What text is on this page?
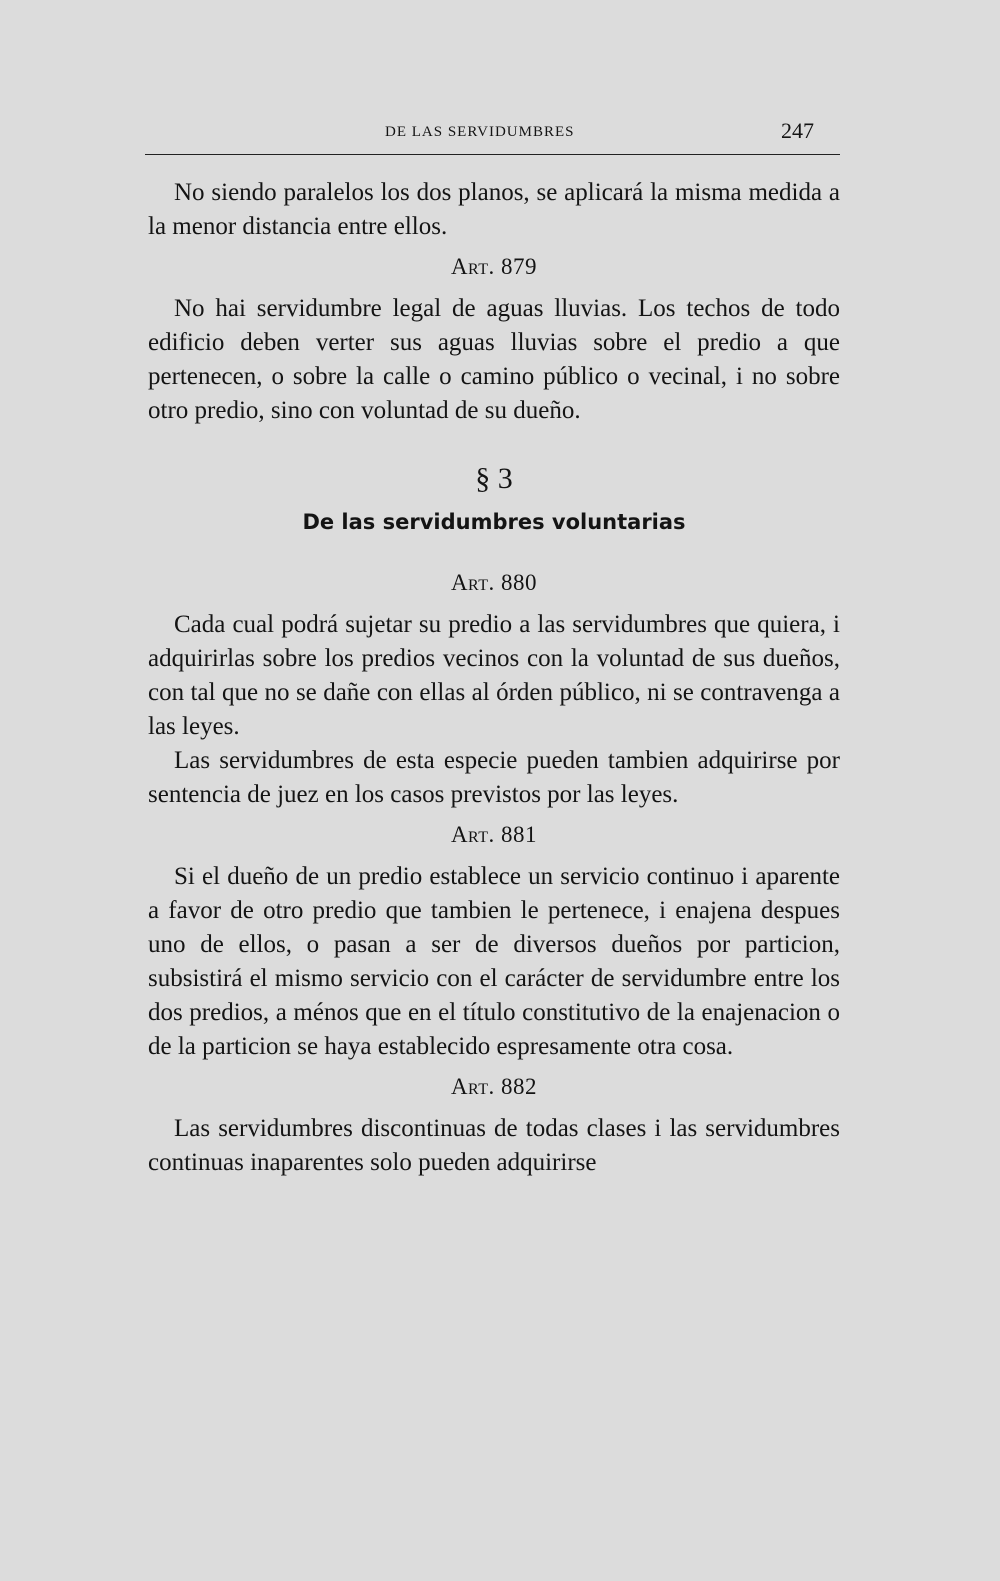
DE LAS SERVIDUMBRES	247

No siendo paralelos los dos planos, se aplicará la misma medida a la menor distancia entre ellos.

Art. 879

No hai servidumbre legal de aguas lluvias. Los techos de todo edificio deben verter sus aguas lluvias sobre el predio a que pertenecen, o sobre la calle o camino público o vecinal, i no sobre otro predio, sino con voluntad de su dueño.

§ 3
De las servidumbres voluntarias
Art. 880

Cada cual podrá sujetar su predio a las servidumbres que quiera, i adquirirlas sobre los predios vecinos con la voluntad de sus dueños, con tal que no se dañe con ellas al órden público, ni se contravenga a las leyes.

Las servidumbres de esta especie pueden tambien adquirirse por sentencia de juez en los casos previstos por las leyes.

Art. 881

Si el dueño de un predio establece un servicio continuo i aparente a favor de otro predio que tambien le pertenece, i enajena despues uno de ellos, o pasan a ser de diversos dueños por particion, subsistirá el mismo servicio con el carácter de servidumbre entre los dos predios, a ménos que en el título constitutivo de la enajenacion o de la particion se haya establecido espresamente otra cosa.

Art. 882

Las servidumbres discontinuas de todas clases i las servidumbres continuas inaparentes solo pueden adquirirse
